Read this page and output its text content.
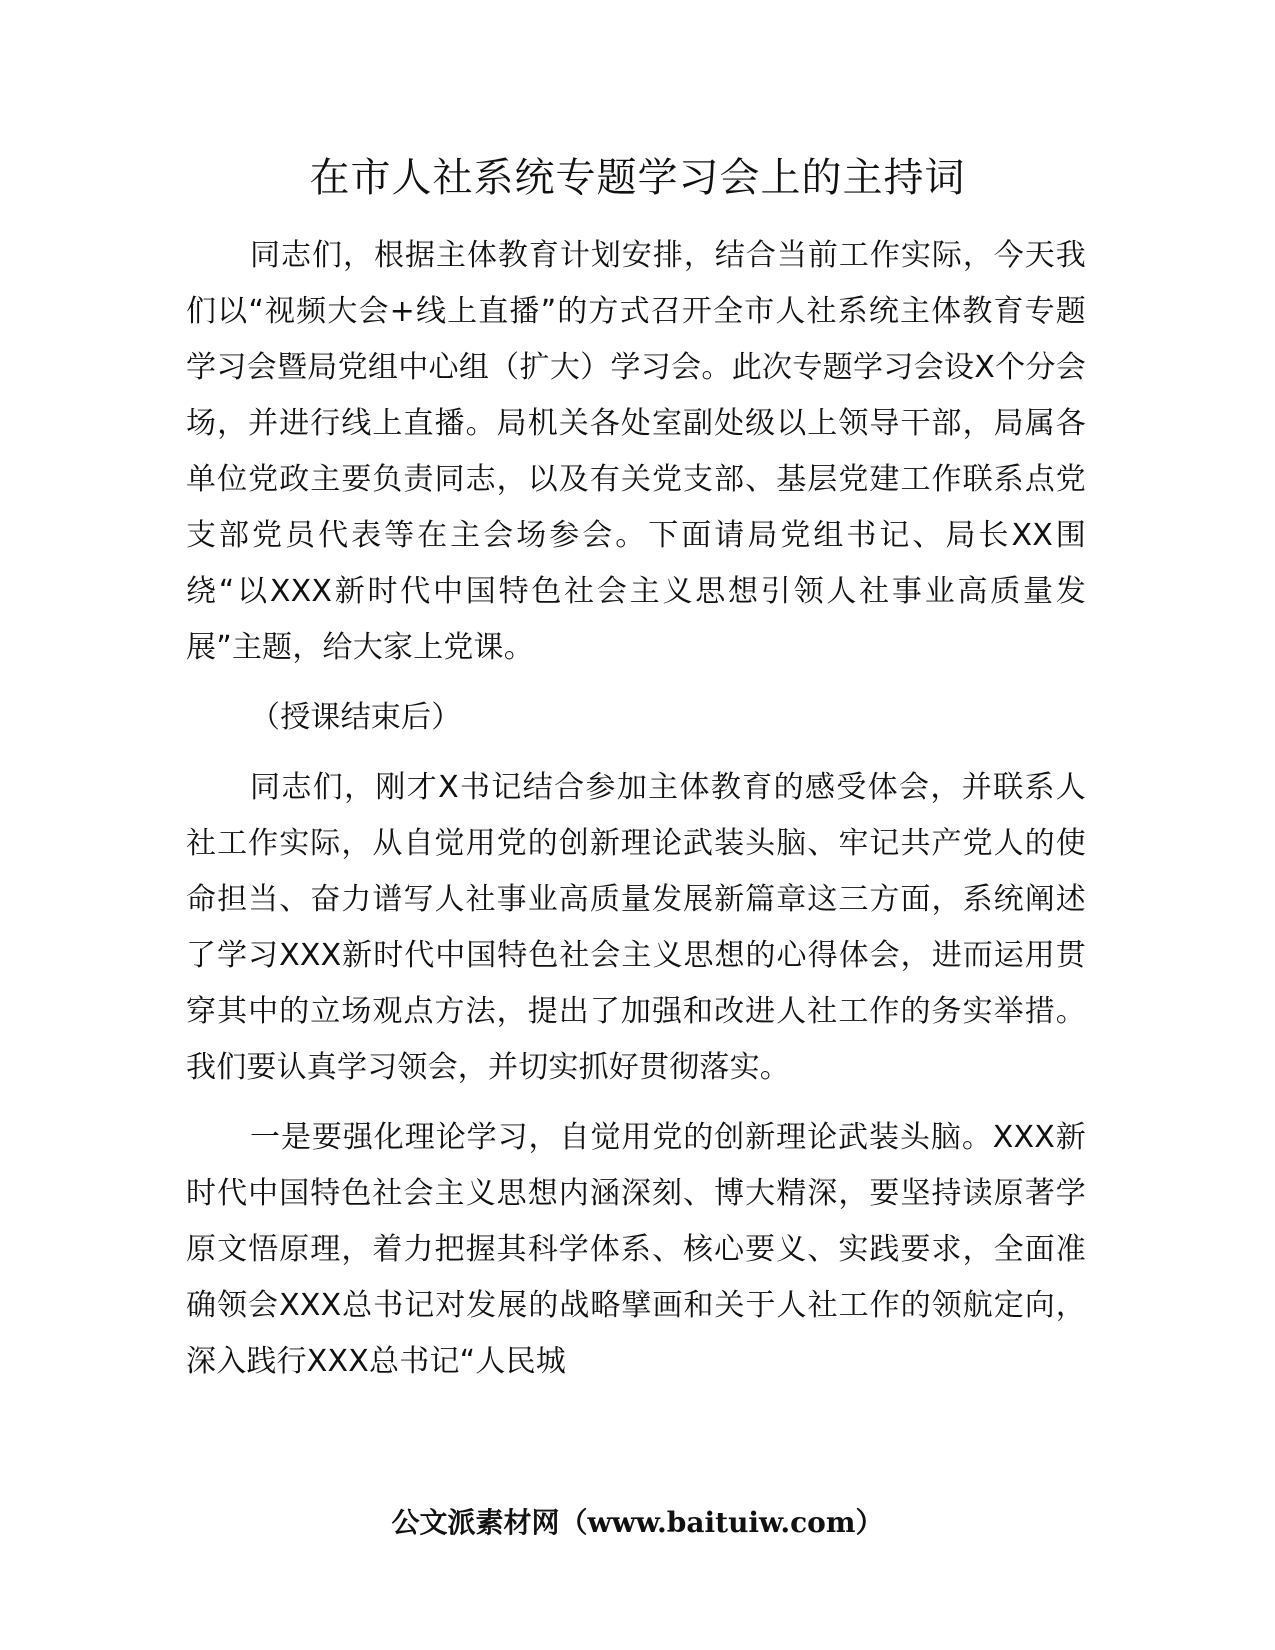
在市人社系统专题学习会上的主持词

同志们，根据主体教育计划安排，结合当前工作实际，今天我们以“视频大会+线上直播”的方式召开全市人社系统主体教育专题学习会暨局党组中心组（扩大）学习会。此次专题学习会设X个分会场，并进行线上直播。局机关各处室副处级以上领导干部，局属各单位党政主要负责同志，以及有关党支部、基层党建工作联系点党支部党员代表等在主会场参会。下面请局党组书记、局长XX围绕“以XXX新时代中国特色社会主义思想引领人社事业高质量发展”主题，给大家上党课。

（授课结束后）

同志们，刚才X书记结合参加主体教育的感受体会，并联系人社工作实际，从自觉用党的创新理论武装头脑、牢记共产党人的使命担当、奋力谱写人社事业高质量发展新篇章这三方面，系统阐述了学习XXX新时代中国特色社会主义思想的心得体会，进而运用贯穿其中的立场观点方法，提出了加强和改进人社工作的务实举措。我们要认真学习领会，并切实抓好贯彻落实。

一是要强化理论学习，自觉用党的创新理论武装头脑。XXX新时代中国特色社会主义思想内涵深刻、博大精深，要坚持读原著学原文悟原理，着力把握其科学体系、核心要义、实践要求，全面准确领会XXX总书记对发展的战略擘画和关于人社工作的领航定向，深入践行XXX总书记“人民城

公文派素材网（www.baituiw.com）
